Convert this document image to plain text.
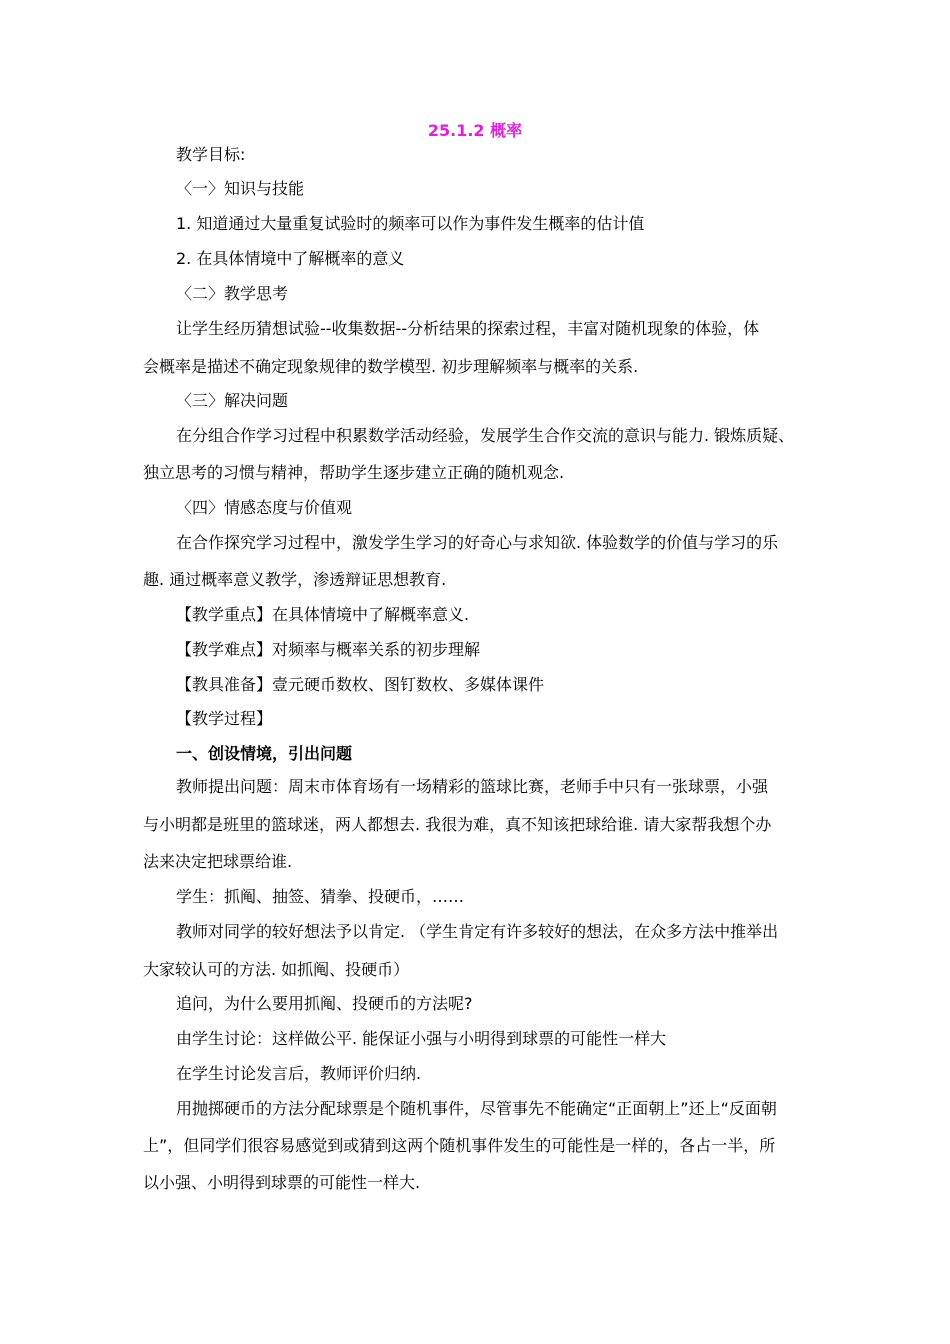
25.1.2 概率
教学目标:
〈一〉知识与技能
1. 知道通过大量重复试验时的频率可以作为事件发生概率的估计值
2. 在具体情境中了解概率的意义
〈二〉教学思考
让学生经历猜想试验--收集数据--分析结果的探索过程，丰富对随机现象的体验，体
会概率是描述不确定现象规律的数学模型. 初步理解频率与概率的关系.
〈三〉解决问题
在分组合作学习过程中积累数学活动经验，发展学生合作交流的意识与能力. 锻炼质疑、
独立思考的习惯与精神，帮助学生逐步建立正确的随机观念.
〈四〉情感态度与价值观
在合作探究学习过程中，激发学生学习的好奇心与求知欲. 体验数学的价值与学习的乐
趣. 通过概率意义教学，渗透辩证思想教育.
【教学重点】在具体情境中了解概率意义.
【教学难点】对频率与概率关系的初步理解
【教具准备】壹元硬币数枚、图钉数枚、多媒体课件
【教学过程】
一、创设情境，引出问题
教师提出问题：周末市体育场有一场精彩的篮球比赛，老师手中只有一张球票，小强
与小明都是班里的篮球迷，两人都想去. 我很为难，真不知该把球给谁. 请大家帮我想个办
法来决定把球票给谁.
学生：抓阄、抽签、猜拳、投硬币，……
教师对同学的较好想法予以肯定. （学生肯定有许多较好的想法，在众多方法中推举出
大家较认可的方法. 如抓阄、投硬币）
追问，为什么要用抓阄、投硬币的方法呢?
由学生讨论：这样做公平. 能保证小强与小明得到球票的可能性一样大
在学生讨论发言后，教师评价归纳.
用抛掷硬币的方法分配球票是个随机事件，尽管事先不能确定“正面朝上”还上“反面朝
上”，但同学们很容易感觉到或猜到这两个随机事件发生的可能性是一样的，各占一半，所
以小强、小明得到球票的可能性一样大.
